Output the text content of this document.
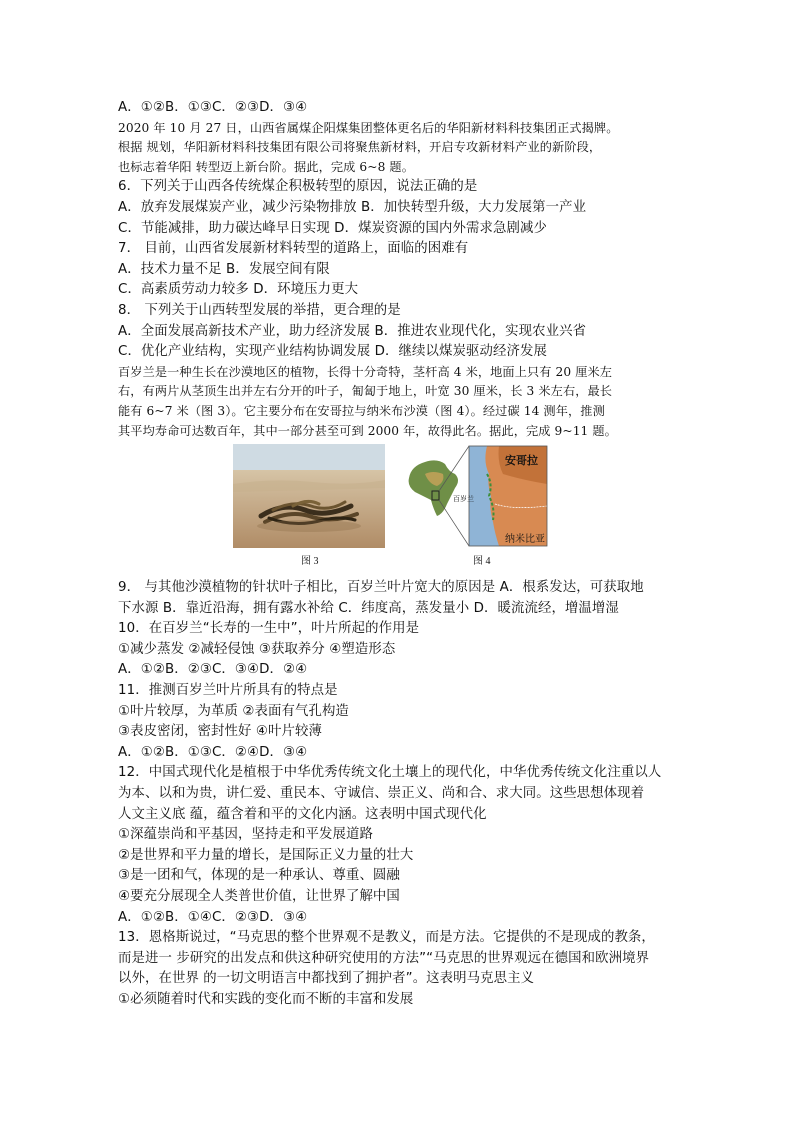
A．①②B．①③C．②③D．③④
2020 年 10 月 27 日，山西省属煤企阳煤集团整体更名后的华阳新材料科技集团正式揭牌。
根据 规划，华阳新材料科技集团有限公司将聚焦新材料，开启专攻新材料产业的新阶段，
也标志着华阳 转型迈上新台阶。据此，完成 6~8 题。
6．下列关于山西各传统煤企积极转型的原因，说法正确的是
A．放弃发展煤炭产业，减少污染物排放 B．加快转型升级，大力发展第一产业
C．节能减排，助力碳达峰早日实现 D．煤炭资源的国内外需求急剧减少
7． 目前，山西省发展新材料转型的道路上，面临的困难有
A．技术力量不足 B．发展空间有限
C．高素质劳动力较多 D．环境压力更大
8． 下列关于山西转型发展的举措，更合理的是
A．全面发展高新技术产业，助力经济发展 B．推进农业现代化，实现农业兴省
C．优化产业结构，实现产业结构协调发展 D．继续以煤炭驱动经济发展
百岁兰是一种生长在沙漠地区的植物，长得十分奇特，茎杆高 4 米，地面上只有 20 厘米左
右，有两片从茎顶生出并左右分开的叶子，匍匐于地上，叶宽 30 厘米，长 3 米左右，最长
能有 6~7 米（图 3）。它主要分布在安哥拉与纳米布沙漠（图 4）。经过碳 14 测年，推测
其平均寿命可达数百年，其中一部分甚至可到 2000 年，故得此名。据此，完成 9~11 题。
图 3
安哥拉
百岁兰
纳米比亚
图 4
9． 与其他沙漠植物的针状叶子相比，百岁兰叶片宽大的原因是 A．根系发达，可获取地
下水源 B．靠近沿海，拥有露水补给 C．纬度高，蒸发量小 D．暖流流经，增温增湿
10．在百岁兰“长寿的一生中”，叶片所起的作用是
①减少蒸发 ②减轻侵蚀 ③获取养分 ④塑造形态
A．①②B．②③C．③④D．②④
11．推测百岁兰叶片所具有的特点是
①叶片较厚，为革质 ②表面有气孔构造
③表皮密闭，密封性好 ④叶片较薄
A．①②B．①③C．②④D．③④
12．中国式现代化是植根于中华优秀传统文化土壤上的现代化，中华优秀传统文化注重以人
为本、以和为贵，讲仁爱、重民本、守诚信、崇正义、尚和合、求大同。这些思想体现着
人文主义底 蕴，蕴含着和平的文化内涵。这表明中国式现代化
①深蕴崇尚和平基因，坚持走和平发展道路
②是世界和平力量的增长，是国际正义力量的壮大
③是一团和气，体现的是一种承认、尊重、圆融
④要充分展现全人类普世价值，让世界了解中国
A．①②B．①④C．②③D．③④
13．恩格斯说过，“马克思的整个世界观不是教义，而是方法。它提供的不是现成的教条，
而是进一 步研究的出发点和供这种研究使用的方法”“马克思的世界观远在德国和欧洲境界
以外，在世界 的一切文明语言中都找到了拥护者”。这表明马克思主义
①必须随着时代和实践的变化而不断的丰富和发展
